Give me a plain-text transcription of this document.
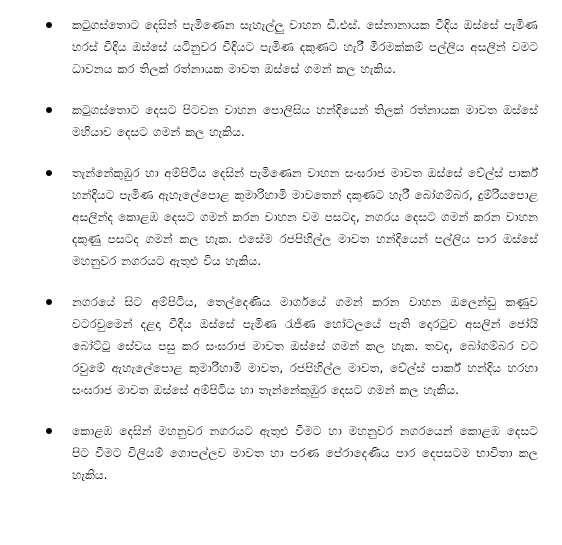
කටුගස්තොට දෙසින් පැමිණෙන සැහැල්ලු වාහන ඩී.එස්. සේනානායක වීදිය ඔස්සේ පැමිණ හරස් වීදිය ඔස්සේ යටිනුවර වීදියට පැමිණ දකුණට හැරී මීරමක්කම් පල්ලිය අසලින් වමට ධාවනය කර තිලක් රත්නායක මාවත ඔස්සේ ගමන් කල හැකිය.
කටුගස්තොට දෙසට පිටවන වාහන පොලිසිය හන්දියෙන් තිලක් රත්නායක මාවත ඔස්සේ මහියාව දෙසට ගමන් කල හැකිය.
තැන්නේකුඹුර හා අම්පිටිය දෙසින් පැමිණෙන වාහන සංඝරාජ මාවත ඔස්සේ වේල්ස් පාර්ක් හන්දියට පැමිණ ඇහැලේපොළ කුමාරිහාමි මාවතෙන් දකුණට හැරී බෝගම්බර, දුම්රියපොළ අසලින්ද කොළඹ දෙසට ගමන් කරන වාහන වම පසටද, නගරය දෙසට ගමන් කරන වාහන දකුණු පසටද ගමන් කල හැක. එසේම රජපිහිල්ල මාවත හන්දියෙන් පල්ලිය පාර ඔස්සේ මහනුවර නගරයට ඇතුළු විය හැකිය.
නගරයේ සිට අම්පිටිය, තෙල්දෙණිය මාර්ගයේ ගමන් කරන වාහන ඔලෙන්ඩු කණුව වටරවුමෙන් දළදා වීදිය ඔස්සේ පැමිණ රැජිණ හෝටලයේ පැති දොරටුව අසලින් ජෝයි බෝට්ටු සේවය පසු කර සංඝරාජ මාවත ඔස්සේ ගමන් කල හැක. තවද, බෝගම්බර වට රවුමේ ඇහැලේපොළ කුමාරිහාමි මාවත, රජපිහිල්ල මාවත, වේල්ස් පාර්ක් හන්දිය හරහා සංඝරාජ මාවත ඔස්සේ අම්පිටිය හා තැන්නේකුඹුර දෙසට ගමන් කල හැකිය.
කොළඹ දෙසින් මහනුවර නගරයට ඇතුළු වීමට හා මහනුවර නගරයෙන් කොළඹ දෙසට පිට වීමට විලියම් ගොපල්ලව මාවත හා පරණ පේරාදෙණිය පාර දෙපසටම භාවිතා කල හැකිය.
